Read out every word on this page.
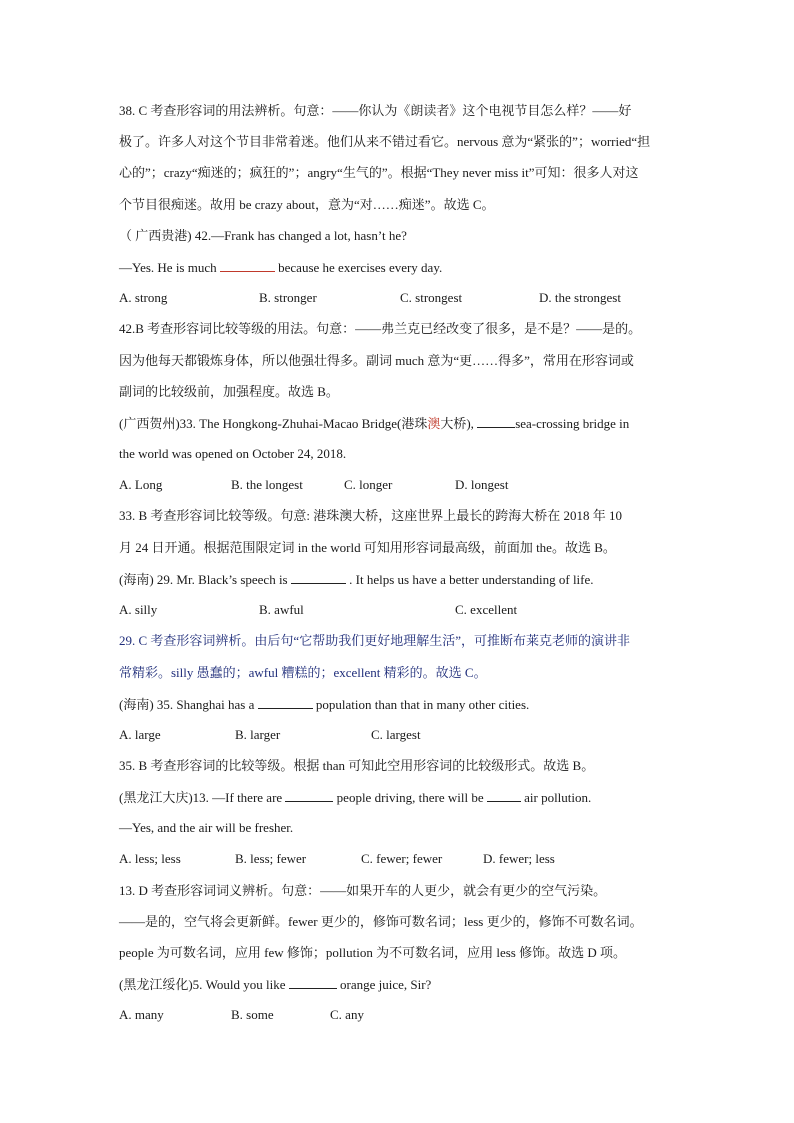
38. C 考查形容词的用法辨析。句意：——你认为《朗读者》这个电视节目怎么样？——好
极了。许多人对这个节目非常着迷。他们从来不错过看它。nervous 意为“紧张的”；worried“担
心的”；crazy“痴迷的；疯狂的”；angry“生气的”。根据“They never miss it”可知：很多人对这
个节目很痴迷。故用 be crazy about，意为“对……痴迷”。故选 C。
（ 广西贵港) 42.—Frank has changed a lot, hasn’t he?
—Yes. He is much	because he exercises every day.
A. strong	B. stronger	C. strongest	D. the strongest
42.B 考查形容词比较等级的用法。句意：——弗兰克已经改变了很多，是不是？——是的。
因为他每天都锻炼身体，所以他强壮得多。副词 much 意为“更……得多”，常用在形容词或
副词的比较级前，加强程度。故选 B。
(广西贺州)33. The Hongkong-Zhuhai-Macao Bridge(港珠澳大桥),	sea-crossing bridge in
the world was opened on October 24, 2018.
A. Long	B. the longest	C. longer	D. longest
33. B 考查形容词比较等级。句意: 港珠澳大桥，这座世界上最长的跨海大桥在 2018 年 10
月 24 日开通。根据范围限定词 in the world 可知用形容词最高级，前面加 the。故选 B。
(海南) 29. Mr. Black’s speech is	. It helps us have a better understanding of life.
A. silly	B. awful	C. excellent
29. C 考查形容词辨析。由后句“它帮助我们更好地理解生活”，可推断布莱克老师的演讲非
常精彩。silly 愚蠢的；awful 糟糕的；excellent 精彩的。故选 C。
(海南) 35. Shanghai has a	population than that in many other cities.
A. large	B. larger	C. largest
35. B 考查形容词的比较等级。根据 than 可知此空用形容词的比较级形式。故选 B。
(黑龙江大庆)13. —If there are	people driving, there will be	air pollution.
—Yes, and the air will be fresher.
A. less; less	B. less; fewer	C. fewer; fewer	D. fewer; less
13. D 考查形容词词义辨析。句意：——如果开车的人更少，就会有更少的空气污染。
——是的，空气将会更新鲜。fewer 更少的，修饰可数名词；less 更少的，修饰不可数名词。
people 为可数名词，应用 few 修饰；pollution 为不可数名词，应用 less 修饰。故选 D 项。
(黑龙江绥化)5. Would you like	orange juice, Sir?
A. many	B. some	C. any
